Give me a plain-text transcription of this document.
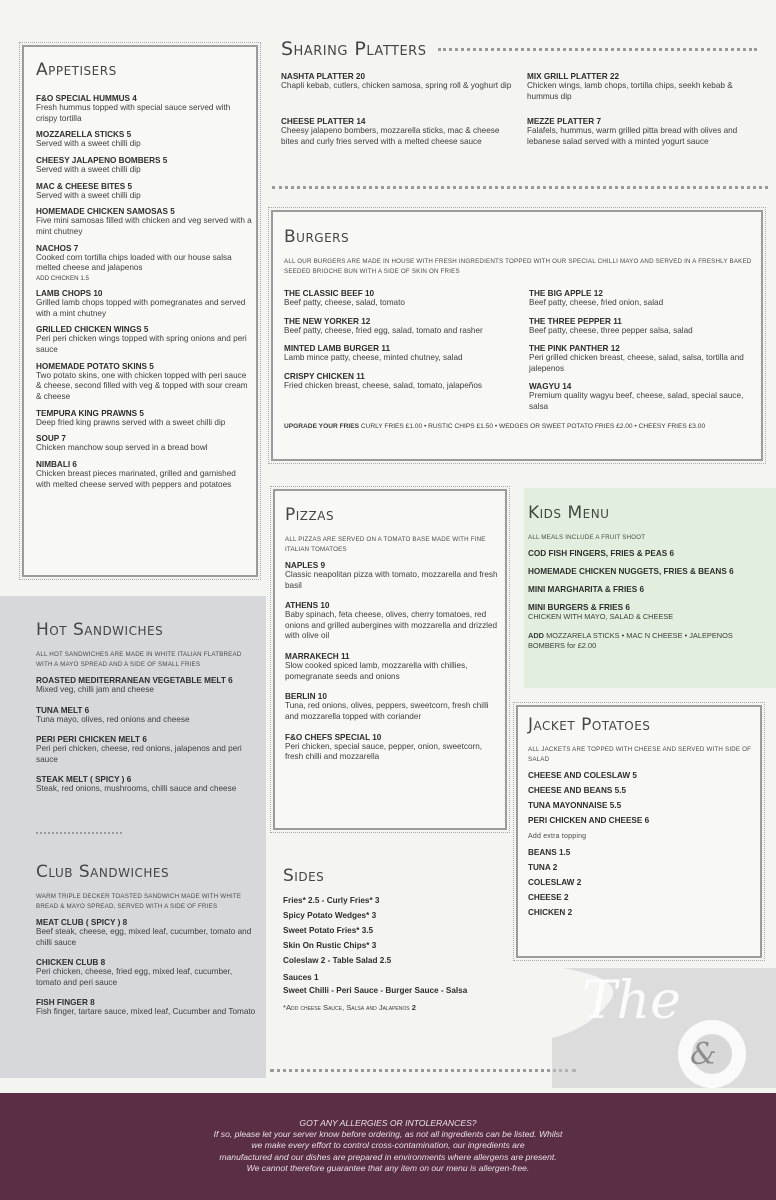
Appetisers
F&O SPECIAL HUMMUS 4
Fresh hummus topped with special sauce served with crispy tortilla
MOZZARELLA STICKS 5
Served with a sweet chilli dip
CHEESY JALAPENO BOMBERS 5
Served with a sweet chilli dip
MAC & CHEESE BITES 5
Served with a sweet chilli dip
HOMEMADE CHICKEN SAMOSAS 5
Five mini samosas filled with chicken and veg served with a mint chutney
NACHOS 7
Cooked corn tortilla chips loaded with our house salsa melted cheese and jalapenos
ADD CHICKEN 1.5
LAMB CHOPS 10
Grilled lamb chops topped with pomegranates and served with a mint chutney
GRILLED CHICKEN WINGS 5
Peri peri chicken wings topped with spring onions and peri sauce
HOMEMADE POTATO SKINS 5
Two potato skins, one with chicken topped with peri sauce & cheese, second filled with veg & topped with sour cream & cheese
TEMPURA KING PRAWNS 5
Deep fried king prawns served with a sweet chilli dip
SOUP 7
Chicken manchow soup served in a bread bowl
NIMBALI 6
Chicken breast pieces marinated, grilled and garnished with melted cheese served with peppers and potatoes
Sharing Platters
NASHTA PLATTER 20
Chapli kebab, cutlers, chicken samosa, spring roll & yoghurt dip
MIX GRILL PLATTER 22
Chicken wings, lamb chops, tortilla chips, seekh kebab & hummus dip
CHEESE PLATTER 14
Cheesy jalapeno bombers, mozzarella sticks, mac & cheese bites and curly fries served with a melted cheese sauce
MEZZE PLATTER 7
Falafels, hummus, warm grilled pitta bread with olives and lebanese salad served with a minted yogurt sauce
Burgers
ALL OUR BURGERS ARE MADE IN HOUSE WITH FRESH INGREDIENTS TOPPED WITH OUR SPECIAL CHILLI MAYO AND SERVED IN A FRESHLY BAKED SEEDED BRIOCHE BUN WITH A SIDE OF SKIN ON FRIES
THE CLASSIC BEEF 10
Beef patty, cheese, salad, tomato
THE NEW YORKER 12
Beef patty, cheese, fried egg, salad, tomato and rasher
MINTED LAMB BURGER 11
Lamb mince patty, cheese, minted chutney, salad
CRISPY CHICKEN 11
Fried chicken breast, cheese, salad, tomato, jalapeños
THE BIG APPLE 12
Beef patty, cheese, fried onion, salad
THE THREE PEPPER 11
Beef patty, cheese, three pepper salsa, salad
THE PINK PANTHER 12
Peri grilled chicken breast, cheese, salad, salsa, tortilla and jalepenos
WAGYU 14
Premium quality wagyu beef, cheese, salad, special sauce, salsa
UPGRADE YOUR FRIES CURLY FRIES £1.00 • RUSTIC CHIPS £1.50 • WEDGES OR SWEET POTATO FRIES £2.00 • CHEESY FRIES £3.00
Pizzas
ALL PIZZAS ARE SERVED ON A TOMATO BASE MADE WITH FINE ITALIAN TOMATOES
NAPLES 9
Classic neapolitan pizza with tomato, mozzarella and fresh basil
ATHENS 10
Baby spinach, feta cheese, olives, cherry tomatoes, red onions and grilled aubergines with mozzarella and drizzled with olive oil
MARRAKECH 11
Slow cooked spiced lamb, mozzarella with chillies, pomegranate seeds and onions
BERLIN 10
Tuna, red onions, olives, peppers, sweetcorn, fresh chilli and mozzarella topped with coriander
F&O CHEFS SPECIAL 10
Peri chicken, special sauce, pepper, onion, sweetcorn, fresh chilli and mozzarella
Kids Menu
ALL MEALS INCLUDE A FRUIT SHOOT
COD FISH FINGERS, FRIES & PEAS 6
HOMEMADE CHICKEN NUGGETS, FRIES & BEANS 6
MINI MARGHARITA & FRIES 6
MINI BURGERS & FRIES 6
CHICKEN WITH MAYO, SALAD & CHEESE
ADD MOZZARELA STICKS • MAC N CHEESE • JALEPENOS BOMBERS for £2.00
Jacket Potatoes
ALL JACKETS ARE TOPPED WITH CHEESE AND SERVED WITH SIDE OF SALAD
CHEESE AND COLESLAW 5
CHEESE AND BEANS 5.5
TUNA MAYONNAISE 5.5
PERI CHICKEN AND CHEESE 6
Add extra topping
BEANS 1.5
TUNA 2
COLESLAW 2
CHEESE 2
CHICKEN 2
Hot Sandwiches
ALL HOT SANDWICHES ARE MADE IN WHITE ITALIAN FLATBREAD WITH A MAYO SPREAD AND A SIDE OF SMALL FRIES
ROASTED MEDITERRANEAN VEGETABLE MELT 6
Mixed veg, chilli jam and cheese
TUNA MELT 6
Tuna mayo, olives, red onions and cheese
PERI PERI CHICKEN MELT 6
Peri peri chicken, cheese, red onions, jalapenos and peri sauce
STEAK MELT ( SPICY ) 6
Steak, red onions, mushrooms, chilli sauce and cheese
Club Sandwiches
WARM TRIPLE DECKER TOASTED SANDWICH MADE WITH WHITE BREAD & MAYO SPREAD, SERVED WITH A SIDE OF FRIES
MEAT CLUB ( SPICY ) 8
Beef steak, cheese, egg, mixed leaf, cucumber, tomato and chilli sauce
CHICKEN CLUB 8
Peri chicken, cheese, fried egg, mixed leaf, cucumber, tomato and peri sauce
FISH FINGER 8
Fish finger, tartare sauce, mixed leaf, Cucumber and Tomato
Sides
Fries* 2.5 - Curly Fries* 3
Spicy Potato Wedges* 3
Sweet Potato Fries* 3.5
Skin On Rustic Chips* 3
Coleslaw 2 - Table Salad 2.5
Sauces 1
Sweet Chilli - Peri Sauce - Burger Sauce - Salsa
*Add cheese Sauce, Salsa and Jalapenos 2	The
&
GOT ANY ALLERGIES OR INTOLERANCES?
If so, please let your server know before ordering, as not all ingredients can be listed. Whilst
we make every effort to control cross-contamination, our ingredients are
manufactured and our dishes are prepared in environments where allergens are present.
We cannot therefore guarantee that any item on our menu is allergen-free.
